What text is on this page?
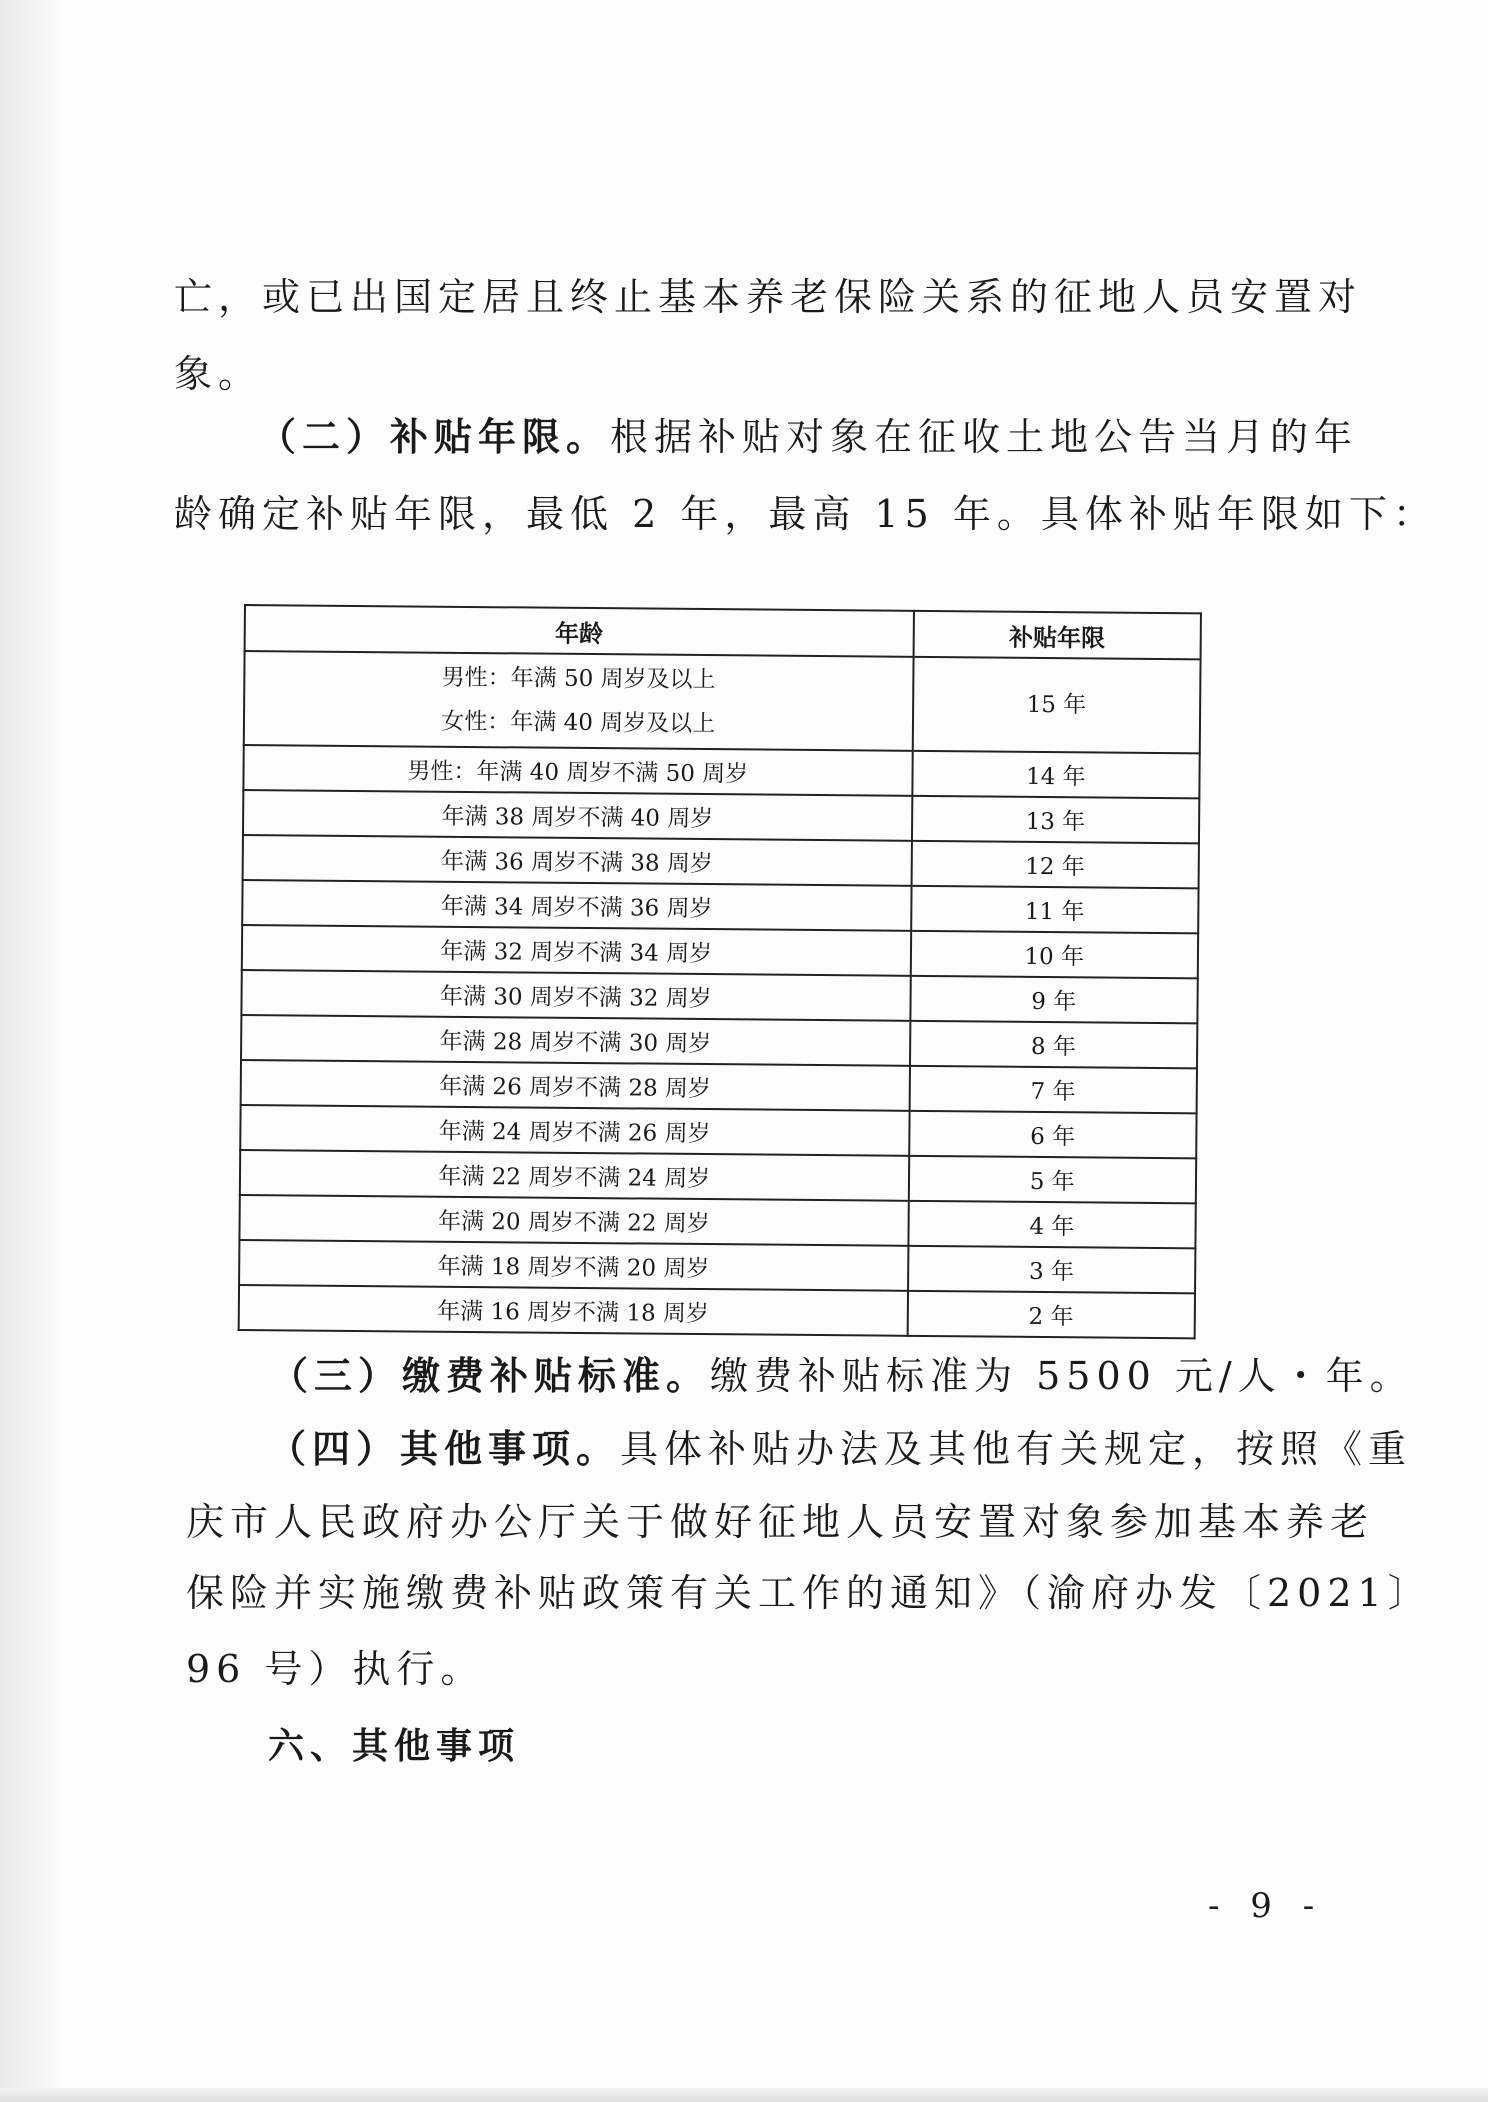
亡，或已出国定居且终止基本养老保险关系的征地人员安置对
象。
（二）补贴年限。根据补贴对象在征收土地公告当月的年
龄确定补贴年限，最低 2 年，最高 15 年。具体补贴年限如下：
年龄	补贴年限

男性：年满 50 周岁及以上
女性：年满 40 周岁及以上	15 年
男性：年满 40 周岁不满 50 周岁	14 年
年满 38 周岁不满 40 周岁	13 年
年满 36 周岁不满 38 周岁	12 年
年满 34 周岁不满 36 周岁	11 年
年满 32 周岁不满 34 周岁	10 年
年满 30 周岁不满 32 周岁	9 年
年满 28 周岁不满 30 周岁	8 年
年满 26 周岁不满 28 周岁	7 年
年满 24 周岁不满 26 周岁	6 年
年满 22 周岁不满 24 周岁	5 年
年满 20 周岁不满 22 周岁	4 年
年满 18 周岁不满 20 周岁	3 年
年满 16 周岁不满 18 周岁	2 年
（三）缴费补贴标准。缴费补贴标准为 5500 元/人・年。
（四）其他事项。具体补贴办法及其他有关规定，按照《重
庆市人民政府办公厅关于做好征地人员安置对象参加基本养老
保险并实施缴费补贴政策有关工作的通知》（渝府办发〔2021〕
96 号）执行。
六、其他事项
- 9 -
